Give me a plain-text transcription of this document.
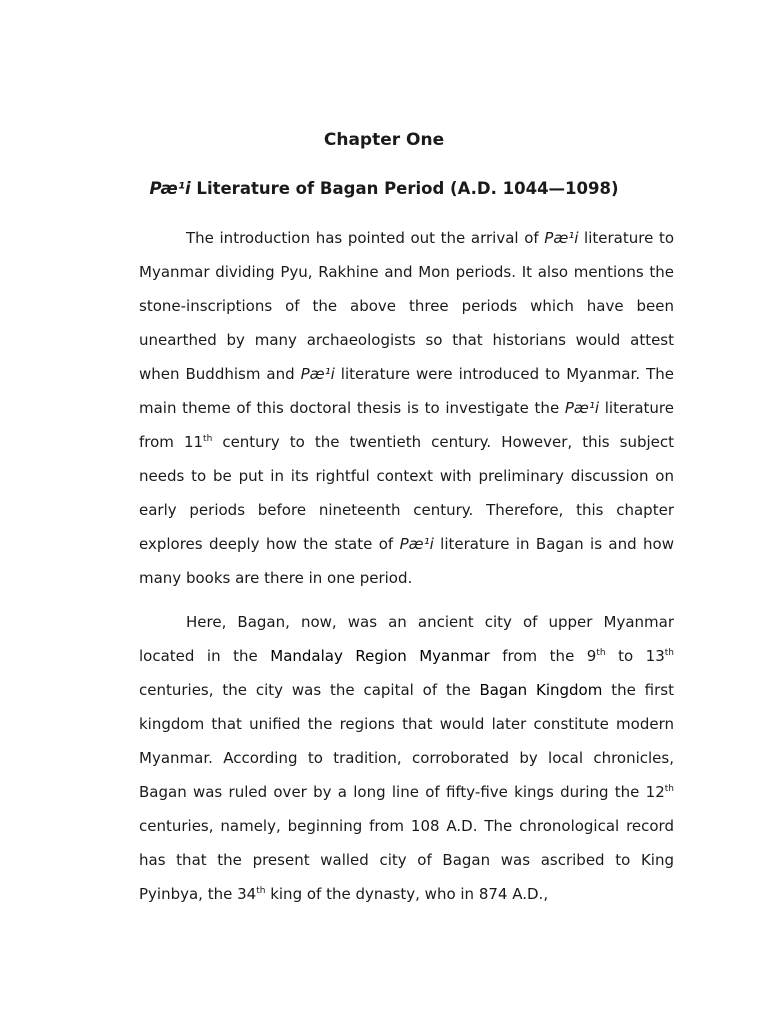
Chapter One
Pæ¹i Literature of Bagan Period (A.D. 1044—1098)

The introduction has pointed out the arrival of Pæ¹i literature to Myanmar dividing Pyu, Rakhine and Mon periods. It also mentions the stone-inscriptions of the above three periods which have been unearthed by many archaeologists so that historians would attest when Buddhism and Pæ¹i literature were introduced to Myanmar. The main theme of this doctoral thesis is to investigate the Pæ¹i literature from 11th century to the twentieth century. However, this subject needs to be put in its rightful context with preliminary discussion on early periods before nineteenth century. Therefore, this chapter explores deeply how the state of Pæ¹i literature in Bagan is and how many books are there in one period.

Here, Bagan, now, was an ancient city of upper Myanmar located in the Mandalay Region Myanmar from the 9th to 13th centuries, the city was the capital of the Bagan Kingdom the first kingdom that unified the regions that would later constitute modern Myanmar. According to tradition, corroborated by local chronicles, Bagan was ruled over by a long line of fifty-five kings during the 12th centuries, namely, beginning from 108 A.D. The chronological record has that the present walled city of Bagan was ascribed to King Pyinbya, the 34th king of the dynasty, who in 874 A.D.,
